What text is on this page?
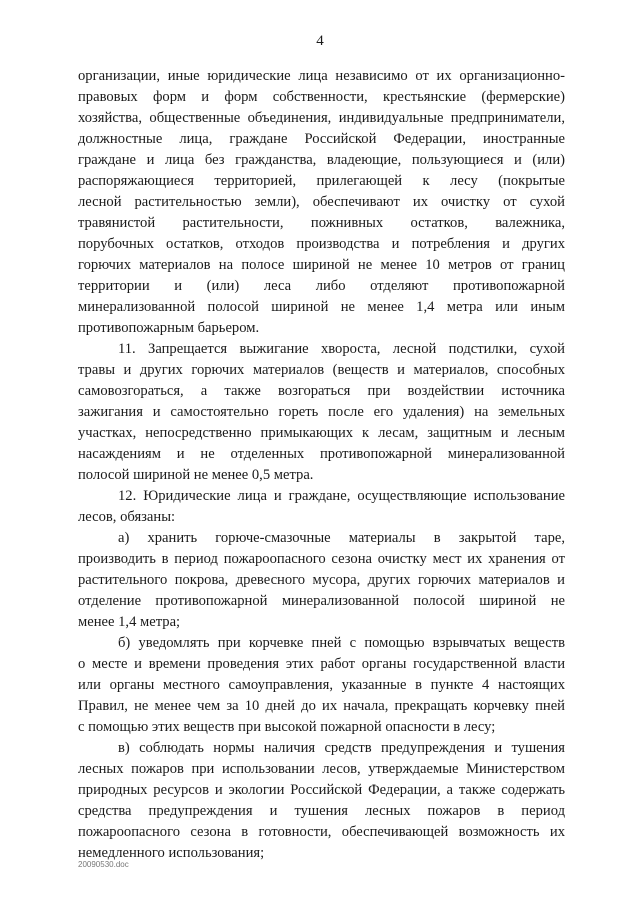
4
организации, иные юридические лица независимо от их организационно-
правовых форм и форм собственности, крестьянские (фермерские)
хозяйства, общественные объединения, индивидуальные предприниматели,
должностные лица, граждане Российской Федерации, иностранные
граждане и лица без гражданства, владеющие, пользующиеся и (или)
распоряжающиеся территорией, прилегающей к лесу (покрытые
лесной растительностью земли), обеспечивают их очистку от сухой
травянистой растительности, пожнивных остатков, валежника,
порубочных остатков, отходов производства и потребления и других
горючих материалов на полосе шириной не менее 10 метров от границ
территории и (или) леса либо отделяют противопожарной
минерализованной полосой шириной не менее 1,4 метра или иным
противопожарным барьером.
11. Запрещается выжигание хвороста, лесной подстилки, сухой
травы и других горючих материалов (веществ и материалов, способных
самовозгораться, а также возгораться при воздействии источника
зажигания и самостоятельно гореть после его удаления) на земельных
участках, непосредственно примыкающих к лесам, защитным и лесным
насаждениям и не отделенных противопожарной минерализованной
полосой шириной не менее 0,5 метра.
12. Юридические лица и граждане, осуществляющие использование
лесов, обязаны:
а) хранить горюче-смазочные материалы в закрытой таре,
производить в период пожароопасного сезона очистку мест их хранения от
растительного покрова, древесного мусора, других горючих материалов и
отделение противопожарной минерализованной полосой шириной не
менее 1,4 метра;
б) уведомлять при корчевке пней с помощью взрывчатых веществ
о месте и времени проведения этих работ органы государственной власти
или органы местного самоуправления, указанные в пункте 4 настоящих
Правил, не менее чем за 10 дней до их начала, прекращать корчевку пней
с помощью этих веществ при высокой пожарной опасности в лесу;
в) соблюдать нормы наличия средств предупреждения и тушения
лесных пожаров при использовании лесов, утверждаемые Министерством
природных ресурсов и экологии Российской Федерации, а также содержать
средства предупреждения и тушения лесных пожаров в период
пожароопасного сезона в готовности, обеспечивающей возможность их
немедленного использования;
20090530.doc
